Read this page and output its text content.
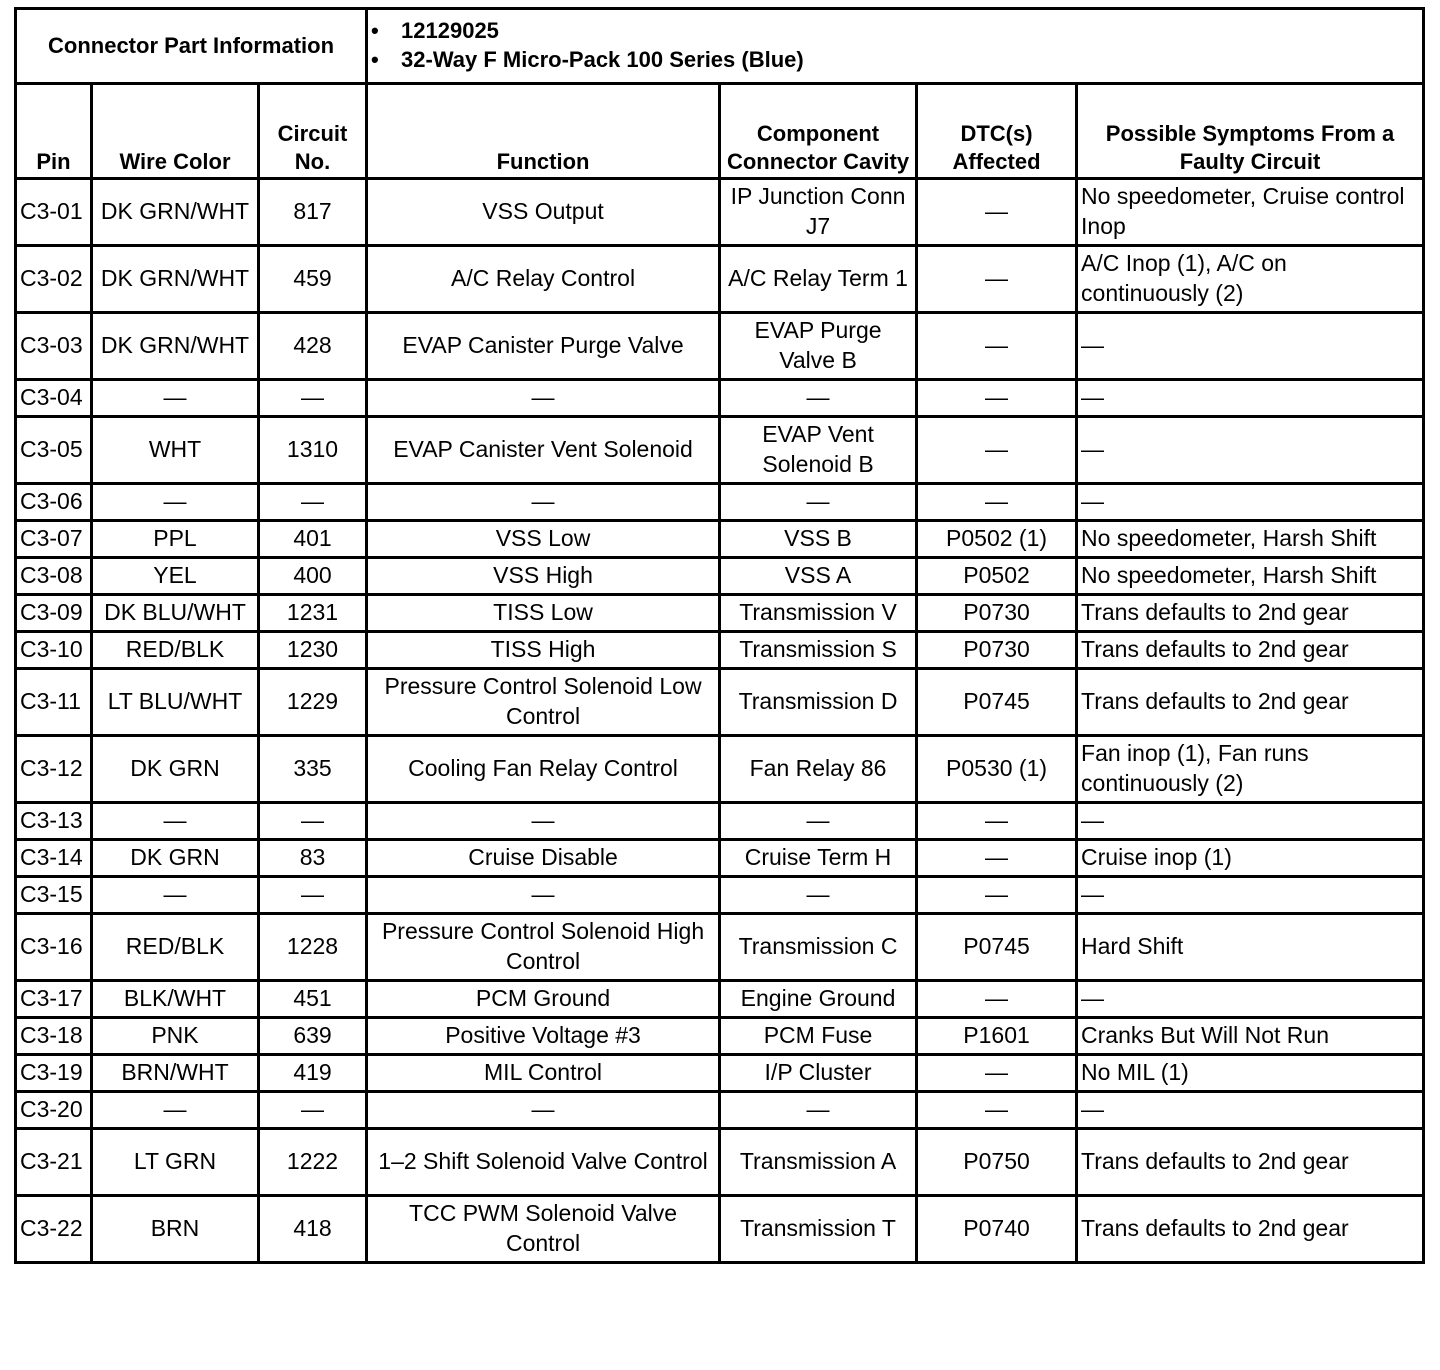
Connector Part Information			• 12129025
• 32-Way F Micro-Pack 100 Series (Blue)

Pin	Wire Color	Circuit No.	Function	Component Connector Cavity	DTC(s) Affected	Possible Symptoms From a Faulty Circuit
C3-01	DK GRN/WHT	817	VSS Output	IP Junction Conn J7	—	No speedometer, Cruise control Inop
C3-02	DK GRN/WHT	459	A/C Relay Control	A/C Relay Term 1	—	A/C Inop (1), A/C on continuously (2)
C3-03	DK GRN/WHT	428	EVAP Canister Purge Valve	EVAP Purge Valve B	—	—
C3-04	—	—	—	—	—	—
C3-05	WHT	1310	EVAP Canister Vent Solenoid	EVAP Vent Solenoid B	—	—
C3-06	—	—	—	—	—	—
C3-07	PPL	401	VSS Low	VSS B	P0502 (1)	No speedometer, Harsh Shift
C3-08	YEL	400	VSS High	VSS A	P0502	No speedometer, Harsh Shift
C3-09	DK BLU/WHT	1231	TISS Low	Transmission V	P0730	Trans defaults to 2nd gear
C3-10	RED/BLK	1230	TISS High	Transmission S	P0730	Trans defaults to 2nd gear
C3-11	LT BLU/WHT	1229	Pressure Control Solenoid Low Control	Transmission D	P0745	Trans defaults to 2nd gear
C3-12	DK GRN	335	Cooling Fan Relay Control	Fan Relay 86	P0530 (1)	Fan inop (1), Fan runs continuously (2)
C3-13	—	—	—	—	—	—
C3-14	DK GRN	83	Cruise Disable	Cruise Term H	—	Cruise inop (1)
C3-15	—	—	—	—	—	—
C3-16	RED/BLK	1228	Pressure Control Solenoid High Control	Transmission C	P0745	Hard Shift
C3-17	BLK/WHT	451	PCM Ground	Engine Ground	—	—
C3-18	PNK	639	Positive Voltage #3	PCM Fuse	P1601	Cranks But Will Not Run
C3-19	BRN/WHT	419	MIL Control	I/P Cluster	—	No MIL (1)
C3-20	—	—	—	—	—	—
C3-21	LT GRN	1222	1–2 Shift Solenoid Valve Control	Transmission A	P0750	Trans defaults to 2nd gear
C3-22	BRN	418	TCC PWM Solenoid Valve Control	Transmission T	P0740	Trans defaults to 2nd gear
